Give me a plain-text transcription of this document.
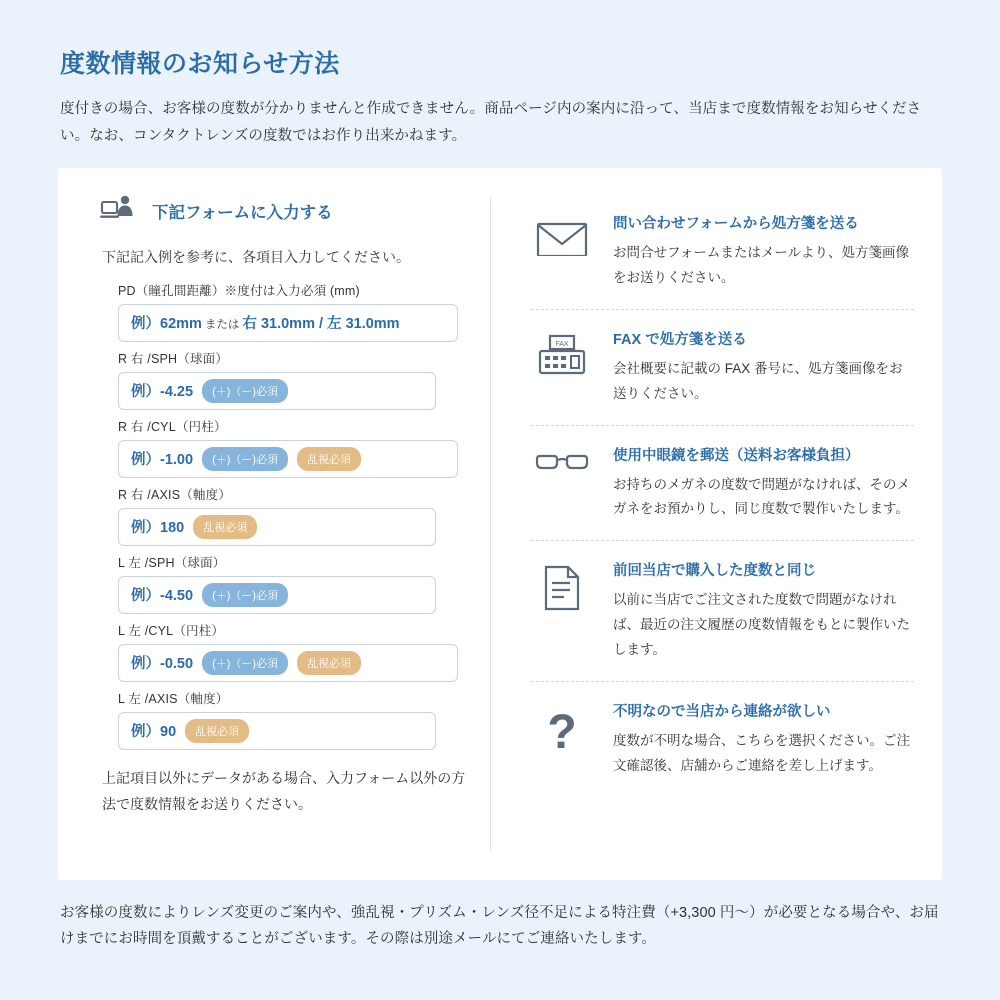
度数情報のお知らせ方法

度付きの場合、お客様の度数が分かりませんと作成できません。商品ページ内の案内に沿って、当店まで度数情報をお知らせください。なお、コンタクトレンズの度数ではお作り出来かねます。

下記フォームに入力する
下記記入例を参考に、各項目入力してください。
PD（瞳孔間距離）※度付は入力必須 (mm)
例）62mm または 右 31.0mm / 左 31.0mm
R 右 /SPH（球面）
例）-4.25	(＋)（ー)必須
R 右 /CYL（円柱）
例）-1.00	(＋)（ー)必須	乱視必須
R 右 /AXIS（軸度）
例）180	乱視必須
L 左 /SPH（球面）
例）-4.50	(＋)（ー)必須
L 左 /CYL（円柱）
例）-0.50	(＋)（ー)必須	乱視必須
L 左 /AXIS（軸度）
例）90	乱視必須
上記項目以外にデータがある場合、入力フォーム以外の方法で度数情報をお送りください。
問い合わせフォームから処方箋を送る
お問合せフォームまたはメールより、処方箋画像をお送りください。
FAX	FAX で処方箋を送る
会社概要に記載の FAX 番号に、処方箋画像をお送りください。
使用中眼鏡を郵送（送料お客様負担）
お持ちのメガネの度数で問題がなければ、そのメガネをお預かりし、同じ度数で製作いたします。
前回当店で購入した度数と同じ
以前に当店でご注文された度数で問題がなければ、最近の注文履歴の度数情報をもとに製作いたします。
?	不明なので当店から連絡が欲しい
度数が不明な場合、こちらを選択ください。ご注文確認後、店舗からご連絡を差し上げます。

お客様の度数によりレンズ変更のご案内や、強乱視・プリズム・レンズ径不足による特注費（+3,300 円〜）が必要となる場合や、お届けまでにお時間を頂戴することがございます。その際は別途メールにてご連絡いたします。
